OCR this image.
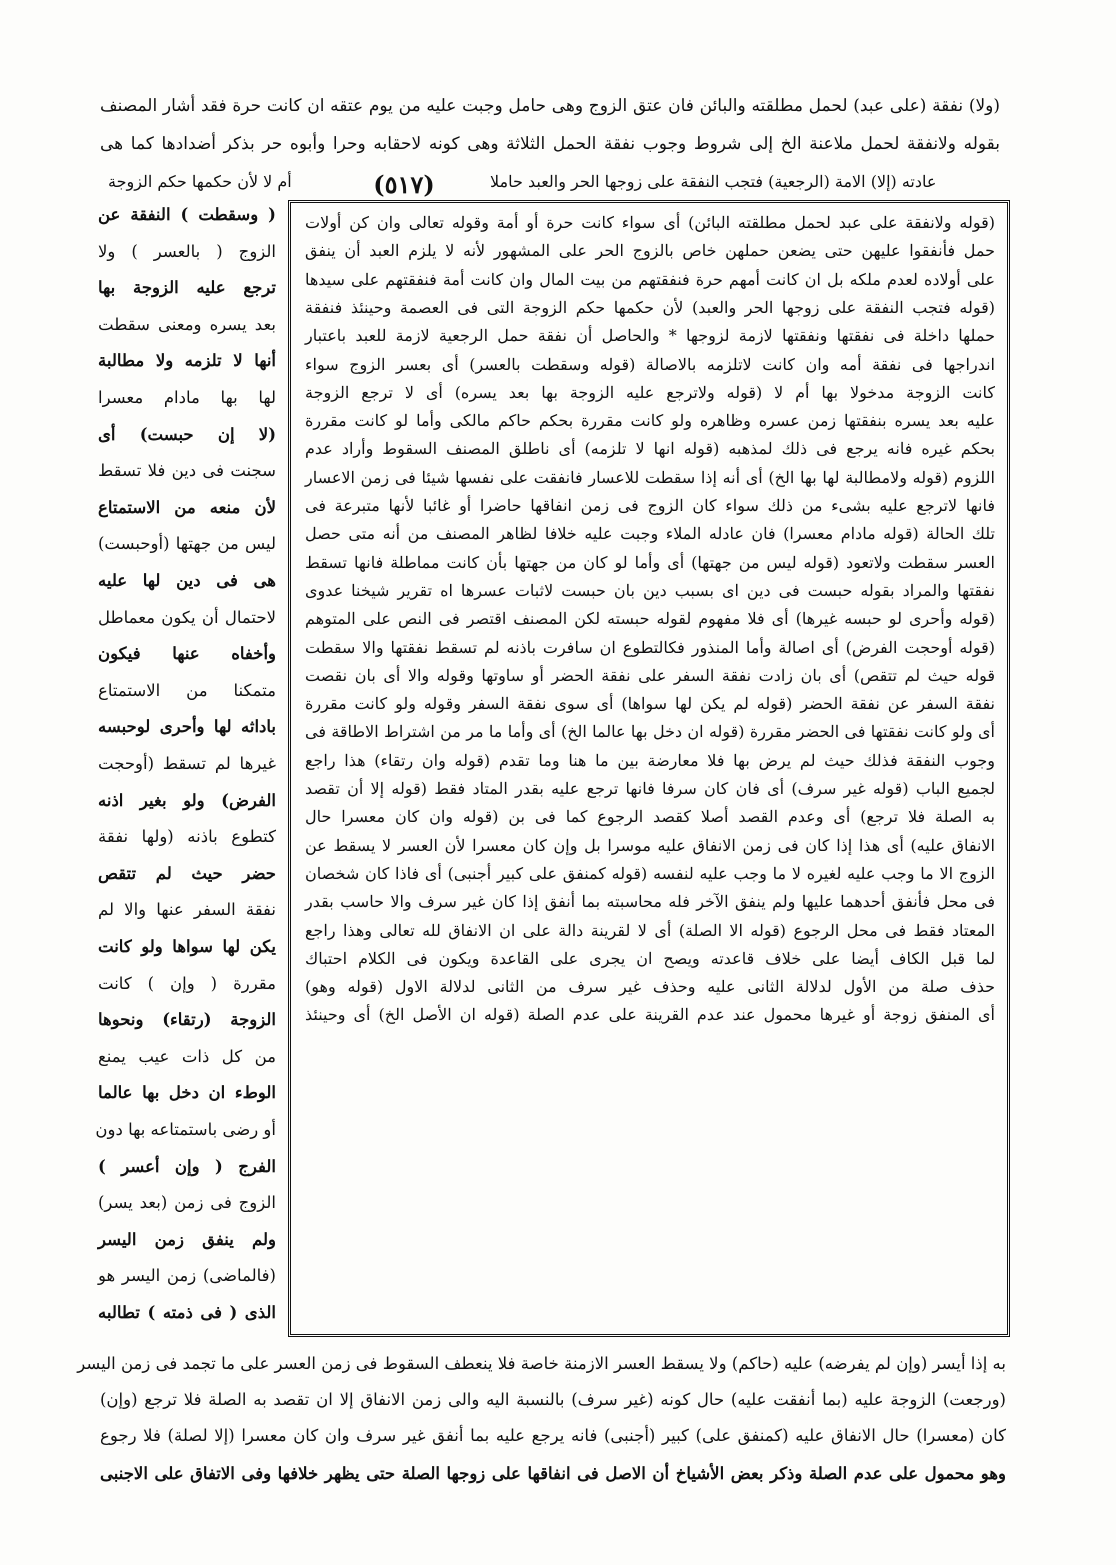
(ولا) نفقة (على عبد) لحمل مطلقته والبائن فان عتق الزوج وهى حامل وجبت عليه من يوم عتقه ان كانت حرة فقد أشار المصنف
بقوله ولانفقة لحمل ملاعنة الخ إلى شروط وجوب نفقة الحمل الثلاثة وهى كونه لاحقابه وحرا وأبوه حر بذكر أضدادها كما هى
أم لا لأن حكمها حكم الزوجة	(٥١٧)	عادته (إلا) الامة (الرجعية) فتجب النفقة على زوجها الحر والعبد حاملا
( وسقطت ) النفقة عن
الزوج ( بالعسر ) ولا
ترجع عليه الزوجة بها
بعد يسره ومعنى سقطت
أنها لا تلزمه ولا مطالبة
لها بها مادام معسرا
(لا إن حبست) أى
سجنت فى دين فلا تسقط
لأن منعه من الاستمتاع
ليس من جهتها (أوحبست)
هى فى دين لها عليه
لاحتمال أن يكون معماطل
وأخفاه عنها فيكون
متمكنا من الاستمتاع
باداثه لها وأحرى لوحبسه
غيرها لم تسقط (أوحجت
الفرض) ولو بغير اذنه
كتطوع باذنه (ولها نفقة
حضر حيث لم تتقص
نفقة السفر عنها والا لم
يكن لها سواها ولو كانت
مقررة ( وإن ) كانت
الزوجة (رتقاء) ونحوها
من كل ذات عيب يمنع
الوطء ان دخل بها عالما
أو رضى باستمتاعه بها دون
الفرج ( وإن أعسر )
الزوج فى زمن (بعد يسر)
ولم ينفق زمن اليسر
(فالماضى) زمن اليسر هو
الذى ( فى ذمته ) تطالبه
(قوله ولانفقة على عبد لحمل مطلقته البائن) أى سواء كانت حرة أو أمة وقوله تعالى وان كن أولات
حمل فأنفقوا عليهن حتى يضعن حملهن خاص بالزوج الحر على المشهور لأنه لا يلزم العبد أن ينفق
على أولاده لعدم ملكه بل ان كانت أمهم حرة فنفقتهم من بيت المال وان كانت أمة فنفقتهم على سيدها
(قوله فتجب النفقة على زوجها الحر والعبد) لأن حكمها حكم الزوجة التى فى العصمة وحينئذ فنفقة
حملها داخلة فى نفقتها ونفقتها لازمة لزوجها * والحاصل أن نفقة حمل الرجعية لازمة للعبد باعتبار
اندراجها فى نفقة أمه وان كانت لاتلزمه بالاصالة (قوله وسقطت بالعسر) أى بعسر الزوج سواء
كانت الزوجة مدخولا بها أم لا (قوله ولاترجع عليه الزوجة بها بعد يسره) أى لا ترجع الزوجة
عليه بعد يسره بنفقتها زمن عسره وظاهره ولو كانت مقررة بحكم حاكم مالكى وأما لو كانت مقررة
بحكم غيره فانه يرجع فى ذلك لمذهبه (قوله انها لا تلزمه) أى ناطلق المصنف السقوط وأراد عدم
اللزوم (قوله ولامطالبة لها بها الخ) أى أنه إذا سقطت للاعسار فانفقت على نفسها شيئا فى زمن الاعسار
فانها لاترجع عليه بشىء من ذلك سواء كان الزوج فى زمن انفاقها حاضرا أو غائبا لأنها متبرعة فى
تلك الحالة (قوله مادام معسرا) فان عادله الملاء وجبت عليه خلافا لظاهر المصنف من أنه متى حصل
العسر سقطت ولاتعود (قوله ليس من جهتها) أى وأما لو كان من جهتها بأن كانت مماطلة فانها تسقط
نفقتها والمراد بقوله حبست فى دين اى بسبب دين بان حبست لاثبات عسرها اه تقرير شيخنا عدوى
(قوله وأحرى لو حبسه غيرها) أى فلا مفهوم لقوله حبسته لكن المصنف اقتصر فى النص على المتوهم
(قوله أوحجت الفرض) أى اصالة وأما المنذور فكالتطوع ان سافرت باذنه لم تسقط نفقتها والا سقطت
قوله حيث لم تتقص) أى بان زادت نفقة السفر على نفقة الحضر أو ساوتها وقوله والا أى بان نقصت
نفقة السفر عن نفقة الحضر (قوله لم يكن لها سواها) أى سوى نفقة السفر وقوله ولو كانت مقررة
أى ولو كانت نفقتها فى الحضر مقررة (قوله ان دخل بها عالما الخ) أى وأما ما مر من اشتراط الاطاقة فى
وجوب النفقة فذلك حيث لم يرض بها فلا معارضة بين ما هنا وما تقدم (قوله وان رتقاء) هذا راجع
لجميع الباب (قوله غير سرف) أى فان كان سرفا فانها ترجع عليه بقدر المتاد فقط (قوله إلا أن تقصد
به الصلة فلا ترجع) أى وعدم القصد أصلا كقصد الرجوع كما فى بن (قوله وان كان معسرا حال
الانفاق عليه) أى هذا إذا كان فى زمن الانفاق عليه موسرا بل وإن كان معسرا لأن العسر لا يسقط عن
الزوج الا ما وجب عليه لغيره لا ما وجب عليه لنفسه (قوله كمنفق على كبير أجنبى) أى فاذا كان شخصان
فى محل فأنفق أحدهما عليها ولم ينفق الآخر فله محاسبته بما أنفق إذا كان غير سرف والا حاسب بقدر
المعتاد فقط فى محل الرجوع (قوله الا الصلة) أى لا لقرينة دالة على ان الانفاق لله تعالى وهذا راجع
لما قبل الكاف أيضا على خلاف قاعدته ويصح ان يجرى على القاعدة ويكون فى الكلام احتباك
حذف صلة من الأول لدلالة الثانى عليه وحذف غير سرف من الثانى لدلالة الاول (قوله وهو)
أى المنفق زوجة أو غيرها محمول عند عدم القرينة على عدم الصلة (قوله ان الأصل الخ) أى وحينئذ
به إذا أيسر (وإن لم يفرضه) عليه (حاكم) ولا يسقط العسر الازمنة خاصة فلا ينعطف السقوط فى زمن العسر على ما تجمد فى زمن اليسر
(ورجعت) الزوجة عليه (بما أنفقت عليه) حال كونه (غير سرف) بالنسبة اليه والى زمن الانفاق إلا ان تقصد به الصلة فلا ترجع (وإن)
كان (معسرا) حال الانفاق عليه (كمنفق على) كبير (أجنبى) فانه يرجع عليه بما أنفق غير سرف وان كان معسرا (إلا لصلة) فلا رجوع
وهو محمول على عدم الصلة وذكر بعض الأشياخ أن الاصل فى انفاقها على زوجها الصلة حتى يظهر خلافها وفى الاتفاق على الاجنبى
